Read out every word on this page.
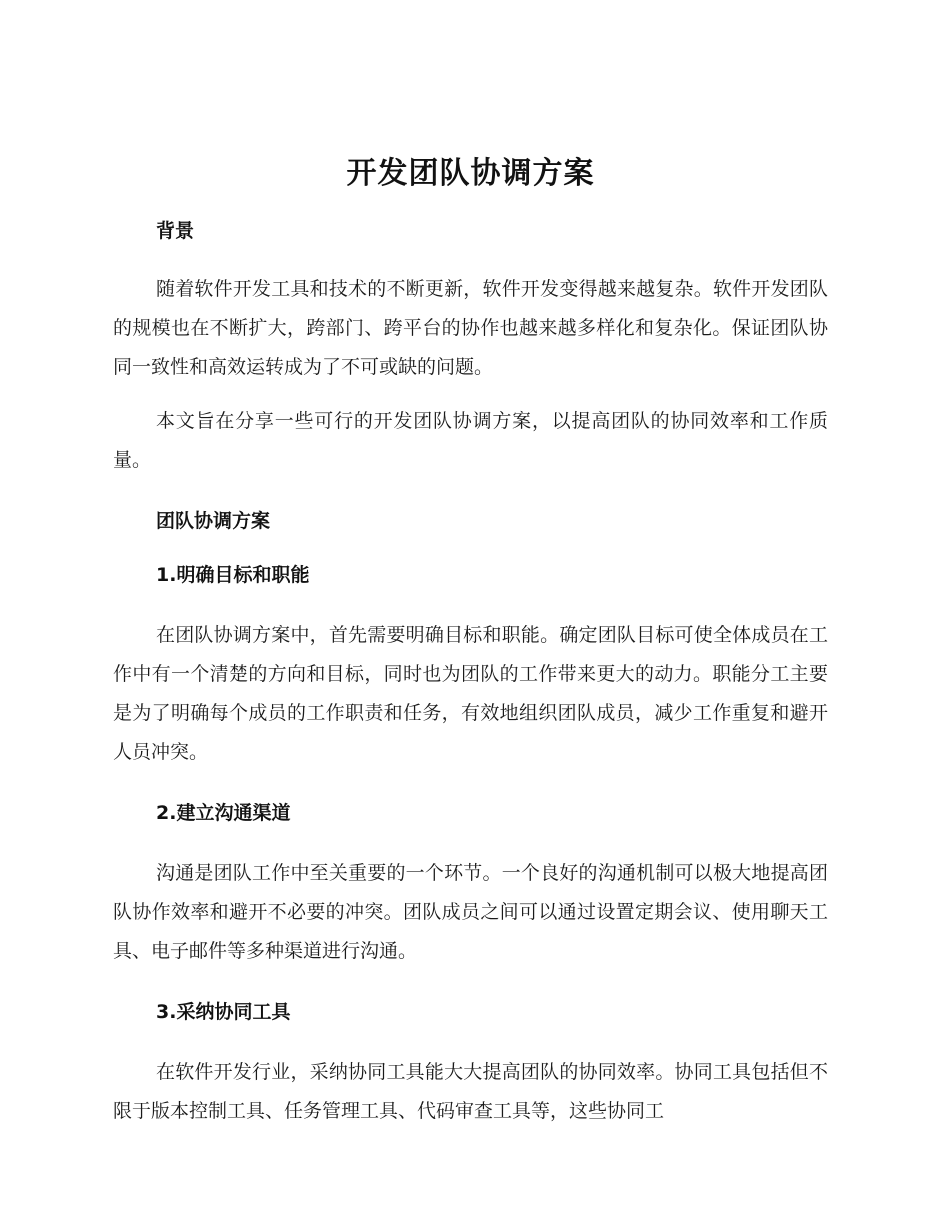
开发团队协调方案
背景

随着软件开发工具和技术的不断更新，软件开发变得越来越复杂。软件开发团队的规模也在不断扩大，跨部门、跨平台的协作也越来越多样化和复杂化。保证团队协同一致性和高效运转成为了不可或缺的问题。

本文旨在分享一些可行的开发团队协调方案，以提高团队的协同效率和工作质量。

团队协调方案
1.明确目标和职能

在团队协调方案中，首先需要明确目标和职能。确定团队目标可使全体成员在工作中有一个清楚的方向和目标，同时也为团队的工作带来更大的动力。职能分工主要是为了明确每个成员的工作职责和任务，有效地组织团队成员，减少工作重复和避开人员冲突。

2.建立沟通渠道

沟通是团队工作中至关重要的一个环节。一个良好的沟通机制可以极大地提高团队协作效率和避开不必要的冲突。团队成员之间可以通过设置定期会议、使用聊天工具、电子邮件等多种渠道进行沟通。

3.采纳协同工具

在软件开发行业，采纳协同工具能大大提高团队的协同效率。协同工具包括但不限于版本控制工具、任务管理工具、代码审查工具等，这些协同工
